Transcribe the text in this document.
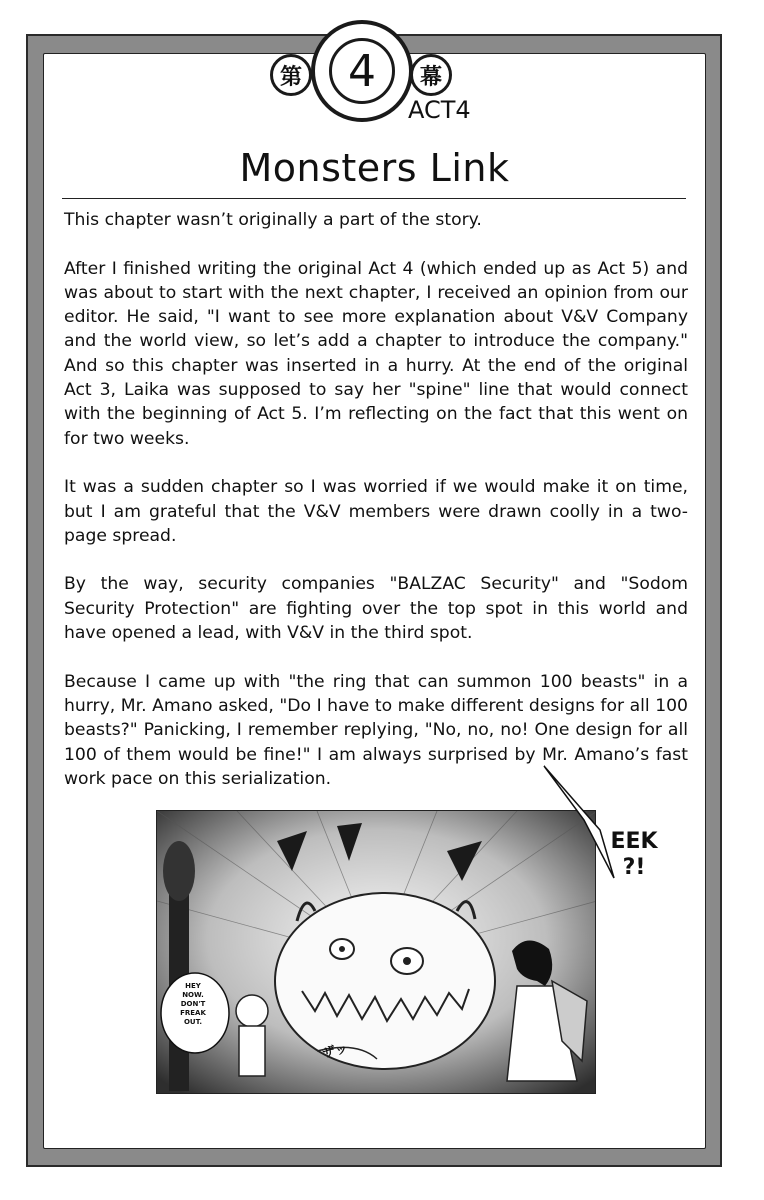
第	4	幕
ACT4
Monsters Link

This chapter wasn’t originally a part of the story.

After I finished writing the original Act 4 (which ended up as Act 5) and was about to start with the next chapter, I received an opinion from our editor. He said, "I want to see more explanation about V&V Company and the world view, so let’s add a chapter to introduce the company." And so this chapter was inserted in a hurry. At the end of the original Act 3, Laika was supposed to say her "spine" line that would connect with the beginning of Act 5. I’m reflecting on the fact that this went on for two weeks.

It was a sudden chapter so I was worried if we would make it on time, but I am grateful that the V&V members were drawn coolly in a two-page spread.

By the way, security companies "BALZAC Security" and "Sodom Security Protection" are fighting over the top spot in this world and have opened a lead, with V&V in the third spot.

Because I came up with "the ring that can summon 100 beasts" in a hurry, Mr. Amano asked, "Do I have to make different designs for all 100 beasts?" Panicking, I remember replying, "No, no, no! One design for all 100 of them would be fine!" I am always surprised by Mr. Amano’s fast work pace on this serialization.

HEY
NOW.
DON'T
FREAK
OUT.
EEK
?!
ザッ
